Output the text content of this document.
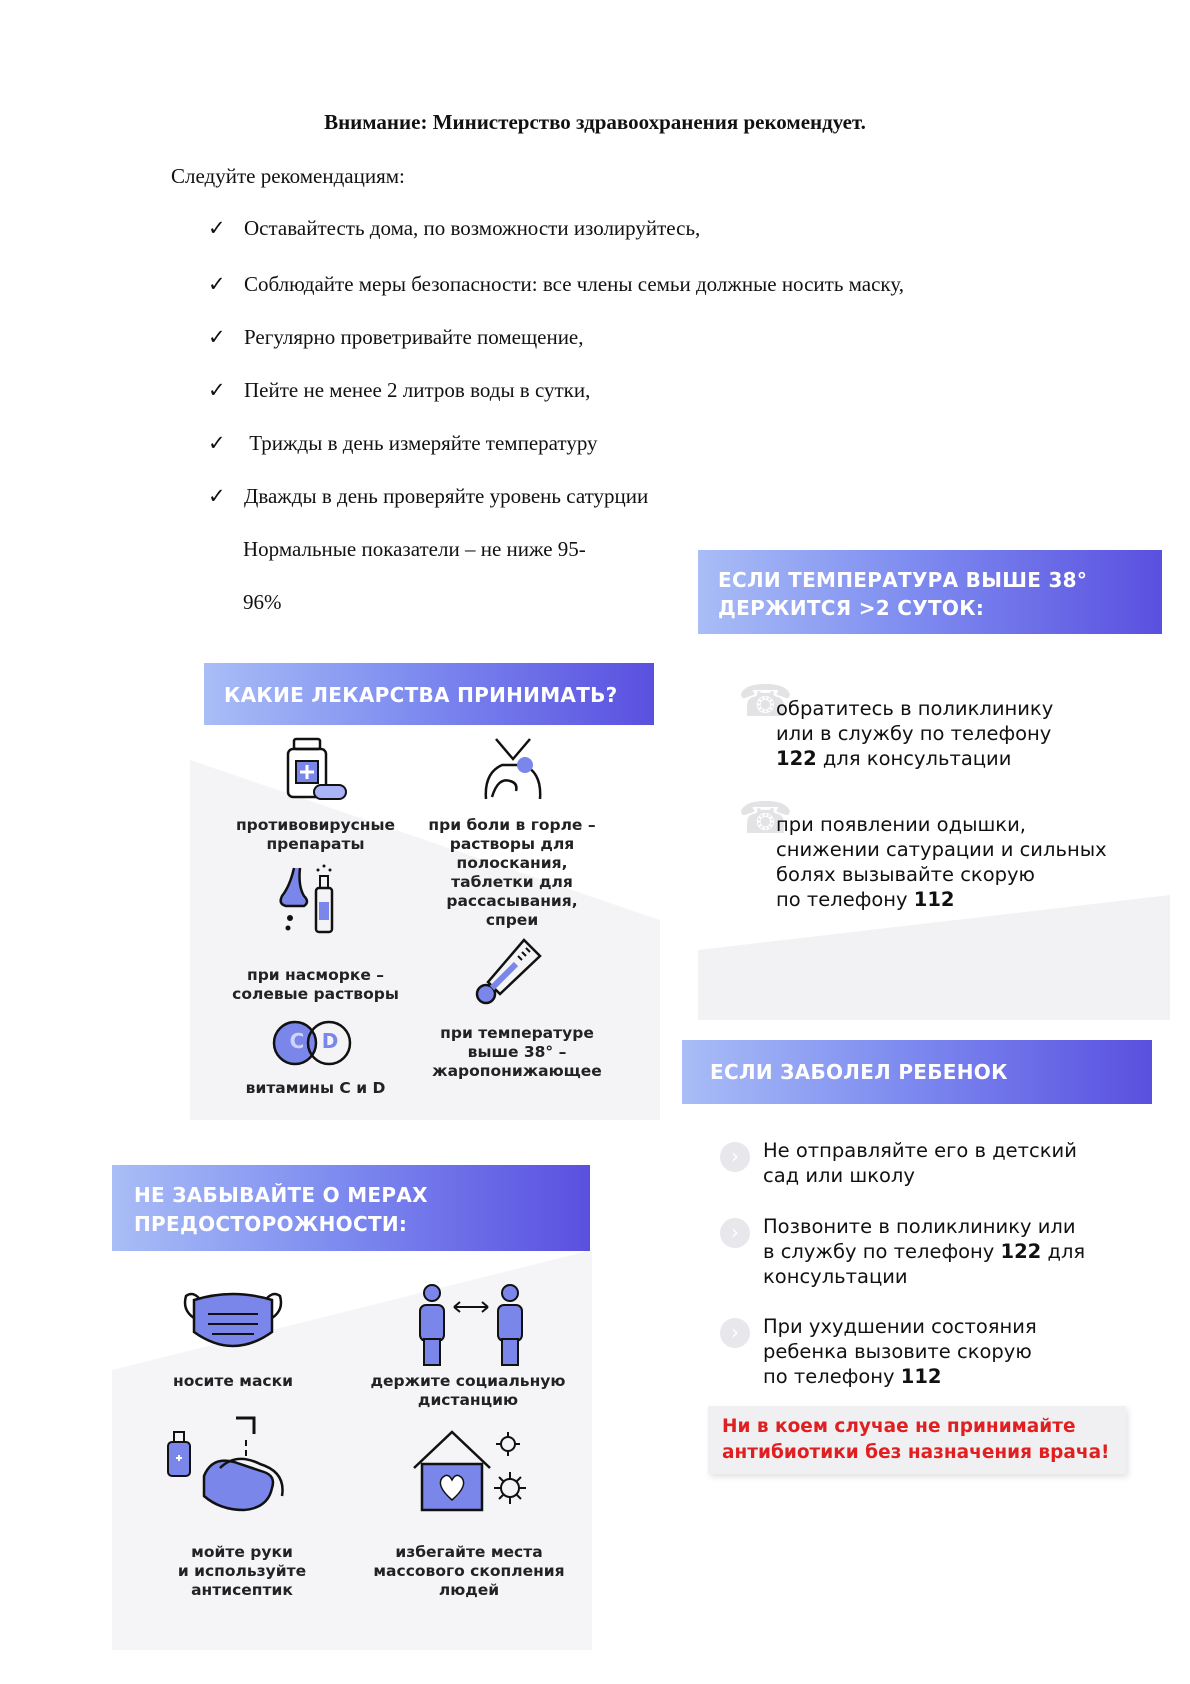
Внимание: Министерство здравоохранения рекомендует.
Следуйте рекомендациям:
✓ Оставайтесть дома, по возможности изолируйтесь,
✓ Соблюдайте меры безопасности: все члены семьи должные носить маску,
✓ Регулярно проветривайте помещение,
✓ Пейте не менее 2 литров воды в сутки,
✓ Трижды в день измеряйте температуру
✓ Дважды в день проверяйте уровень сатурции
Нормальные показатели – не ниже 95-
96%
КАКИЕ ЛЕКАРСТВА ПРИНИМАТЬ?
противовирусные препараты
при боли в горле – растворы для полоскания, таблетки для рассасывания, спреи
при насморке – солевые растворы
при температуре выше 38° – жаропонижающее
C D
витамины C и D
ЕСЛИ ТЕМПЕРАТУРА ВЫШЕ 38°
ДЕРЖИТСЯ >2 СУТОК:
☎
обратитесь в поликлинику
или в службу по телефону
122 для консультации
☎
при появлении одышки,
снижении сатурации и сильных
болях вызывайте скорую
по телефону 112
ЕСЛИ ЗАБОЛЕЛ РЕБЕНОК
›	Не отправляйте его в детский
сад или школу
›	Позвоните в поликлинику или
в службу по телефону 122 для
консультации
›	При ухудшении состояния
ребенка вызовите скорую
по телефону 112
Ни в коем случае не принимайте
антибиотики без назначения врача!
НЕ ЗАБЫВАЙТЕ О МЕРАХ
ПРЕДОСТОРОЖНОСТИ:
носите маски	держите социальную
дистанцию
мойте руки
и используйте
антисептик
избегайте места
массового скопления
людей
